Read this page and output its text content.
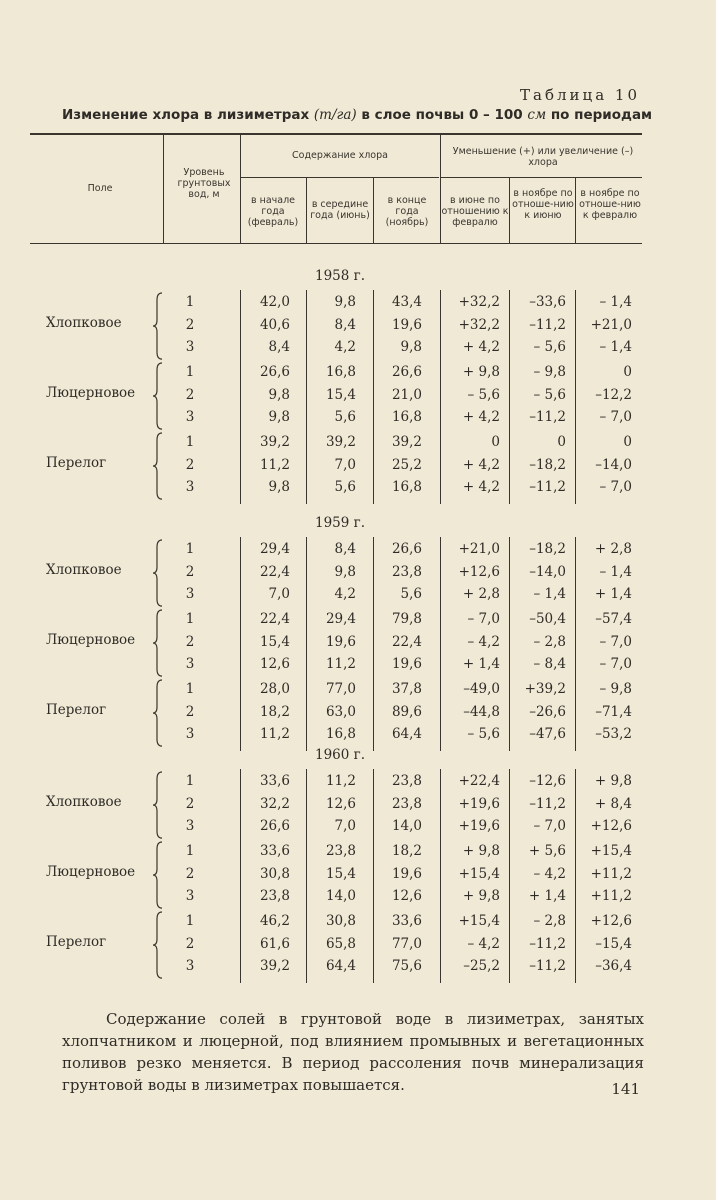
Таблица 10
Изменение хлора в лизиметрах (т/га) в слое почвы 0 – 100 см по периодам
Поле
Уровень грунтовых вод, м
Содержание хлора
в начале года (февраль)
в середине года (июнь)
в конце года (ноябрь)
Уменьшение (+) или увеличение (–) хлора
в июне по отношению к февралю
в ноябре по отноше-нию к июню
в ноябре по отноше-нию к февралю
1958 г.
Хлопковое
1	42,0	9,8	43,4	+32,2	–33,6	– 1,4
2	40,6	8,4	19,6	+32,2	–11,2	+21,0
3	8,4	4,2	9,8	+ 4,2	– 5,6	– 1,4
Люцерновое
1	26,6	16,8	26,6	+ 9,8	– 9,8	0
2	9,8	15,4	21,0	– 5,6	– 5,6	–12,2
3	9,8	5,6	16,8	+ 4,2	–11,2	– 7,0
Перелог
1	39,2	39,2	39,2	0	0	0
2	11,2	7,0	25,2	+ 4,2	–18,2	–14,0
3	9,8	5,6	16,8	+ 4,2	–11,2	– 7,0
1959 г.
Хлопковое
1	29,4	8,4	26,6	+21,0	–18,2	+ 2,8
2	22,4	9,8	23,8	+12,6	–14,0	– 1,4
3	7,0	4,2	5,6	+ 2,8	– 1,4	+ 1,4
Люцерновое
1	22,4	29,4	79,8	– 7,0	–50,4	–57,4
2	15,4	19,6	22,4	– 4,2	– 2,8	– 7,0
3	12,6	11,2	19,6	+ 1,4	– 8,4	– 7,0
Перелог
1	28,0	77,0	37,8	–49,0	+39,2	– 9,8
2	18,2	63,0	89,6	–44,8	–26,6	–71,4
3	11,2	16,8	64,4	– 5,6	–47,6	–53,2
1960 г.
Хлопковое
1	33,6	11,2	23,8	+22,4	–12,6	+ 9,8
2	32,2	12,6	23,8	+19,6	–11,2	+ 8,4
3	26,6	7,0	14,0	+19,6	– 7,0	+12,6
Люцерновое
1	33,6	23,8	18,2	+ 9,8	+ 5,6	+15,4
2	30,8	15,4	19,6	+15,4	– 4,2	+11,2
3	23,8	14,0	12,6	+ 9,8	+ 1,4	+11,2
Перелог
1	46,2	30,8	33,6	+15,4	– 2,8	+12,6
2	61,6	65,8	77,0	– 4,2	–11,2	–15,4
3	39,2	64,4	75,6	–25,2	–11,2	–36,4

Содержание солей в грунтовой воде в лизиметрах, занятых хлопчатником и люцерной, под влиянием промывных и вегетационных поливов резко меняется. В период рассоления почв минерализация грунтовой воды в лизиметрах повышается.	141
